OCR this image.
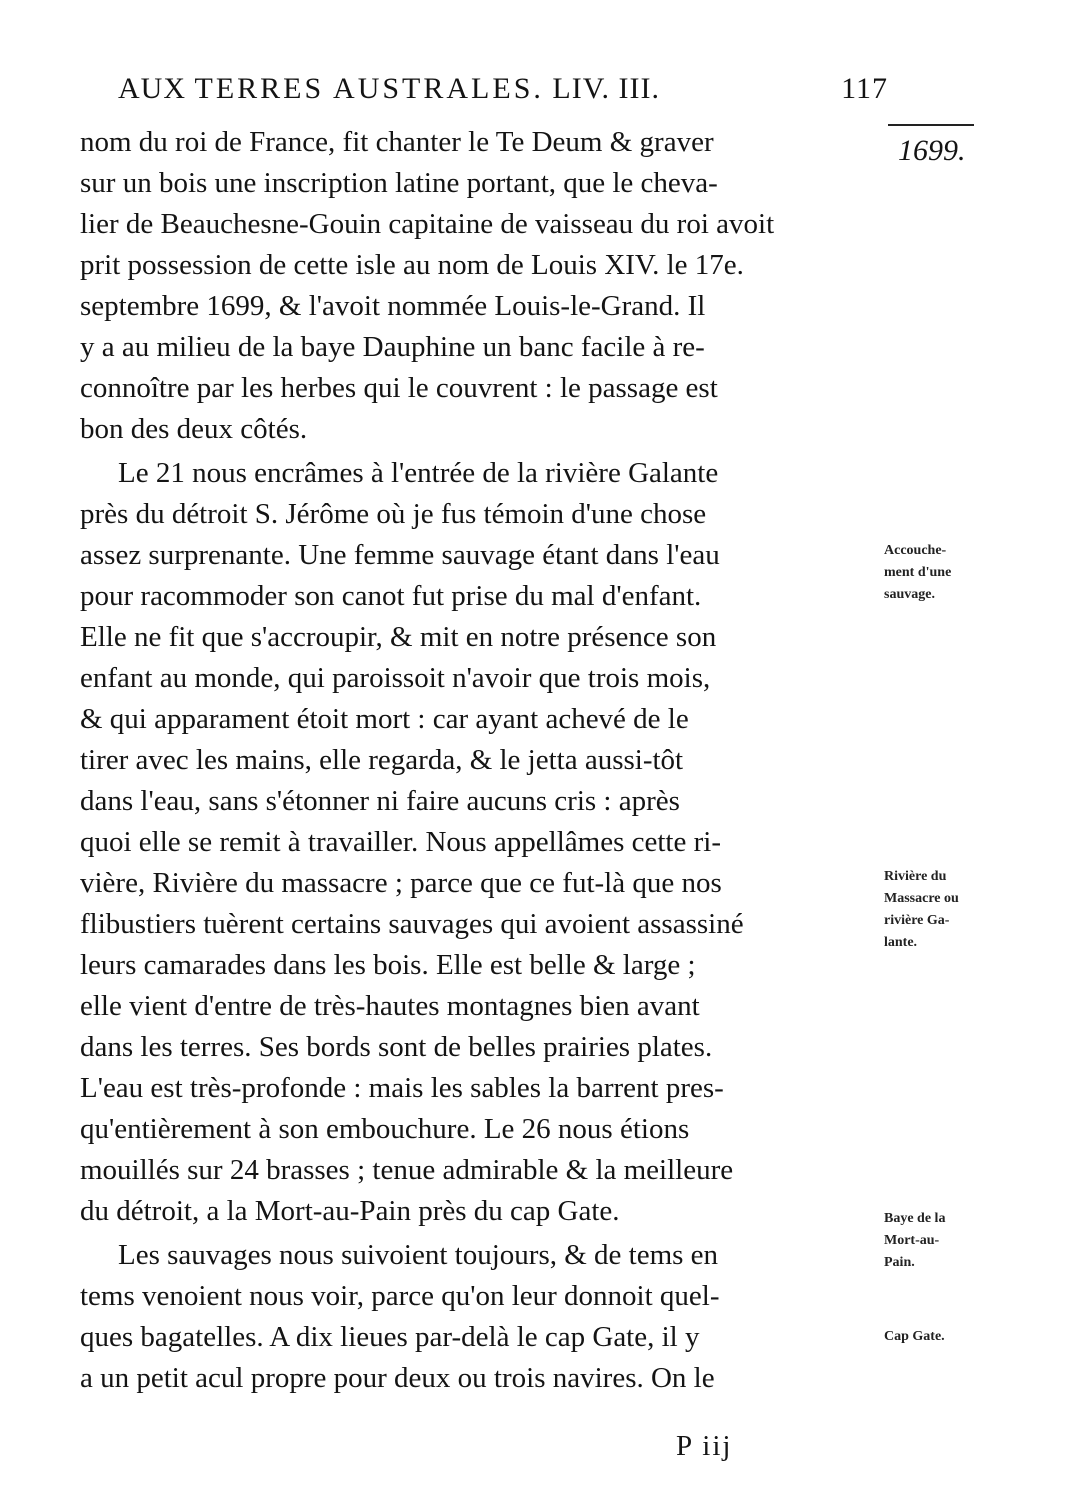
AUX TERRES AUSTRALES. LIV. III.	117
1699.
nom du roi de France, fit chanter le Te Deum & graver
sur un bois une inscription latine portant, que le cheva-
lier de Beauchesne-Gouin capitaine de vaisseau du roi avoit
prit possession de cette isle au nom de Louis XIV. le 17e.
septembre 1699, & l'avoit nommée Louis-le-Grand. Il
y a au milieu de la baye Dauphine un banc facile à re-
connoître par les herbes qui le couvrent : le passage est
bon des deux côtés.
Le 21 nous encrâmes à l'entrée de la rivière Galante
près du détroit S. Jérôme où je fus témoin d'une chose
assez surprenante. Une femme sauvage étant dans l'eau
pour racommoder son canot fut prise du mal d'enfant.
Elle ne fit que s'accroupir, & mit en notre présence son
enfant au monde, qui paroissoit n'avoir que trois mois,
& qui apparament étoit mort : car ayant achevé de le
tirer avec les mains, elle regarda, & le jetta aussi-tôt
dans l'eau, sans s'étonner ni faire aucuns cris : après
quoi elle se remit à travailler. Nous appellâmes cette ri-
vière, Rivière du massacre ; parce que ce fut-là que nos
flibustiers tuèrent certains sauvages qui avoient assassiné
leurs camarades dans les bois. Elle est belle & large ;
elle vient d'entre de très-hautes montagnes bien avant
dans les terres. Ses bords sont de belles prairies plates.
L'eau est très-profonde : mais les sables la barrent pres-
qu'entièrement à son embouchure. Le 26 nous étions
mouillés sur 24 brasses ; tenue admirable & la meilleure
du détroit, a la Mort-au-Pain près du cap Gate.
Les sauvages nous suivoient toujours, & de tems en
tems venoient nous voir, parce qu'on leur donnoit quel-
ques bagatelles. A dix lieues par-delà le cap Gate, il y
a un petit acul propre pour deux ou trois navires. On le
Accouche-
ment d'une
sauvage.
Rivière du
Massacre ou
rivière Ga-
lante.
Baye de la
Mort-au-
Pain.
Cap Gate.
P iij
